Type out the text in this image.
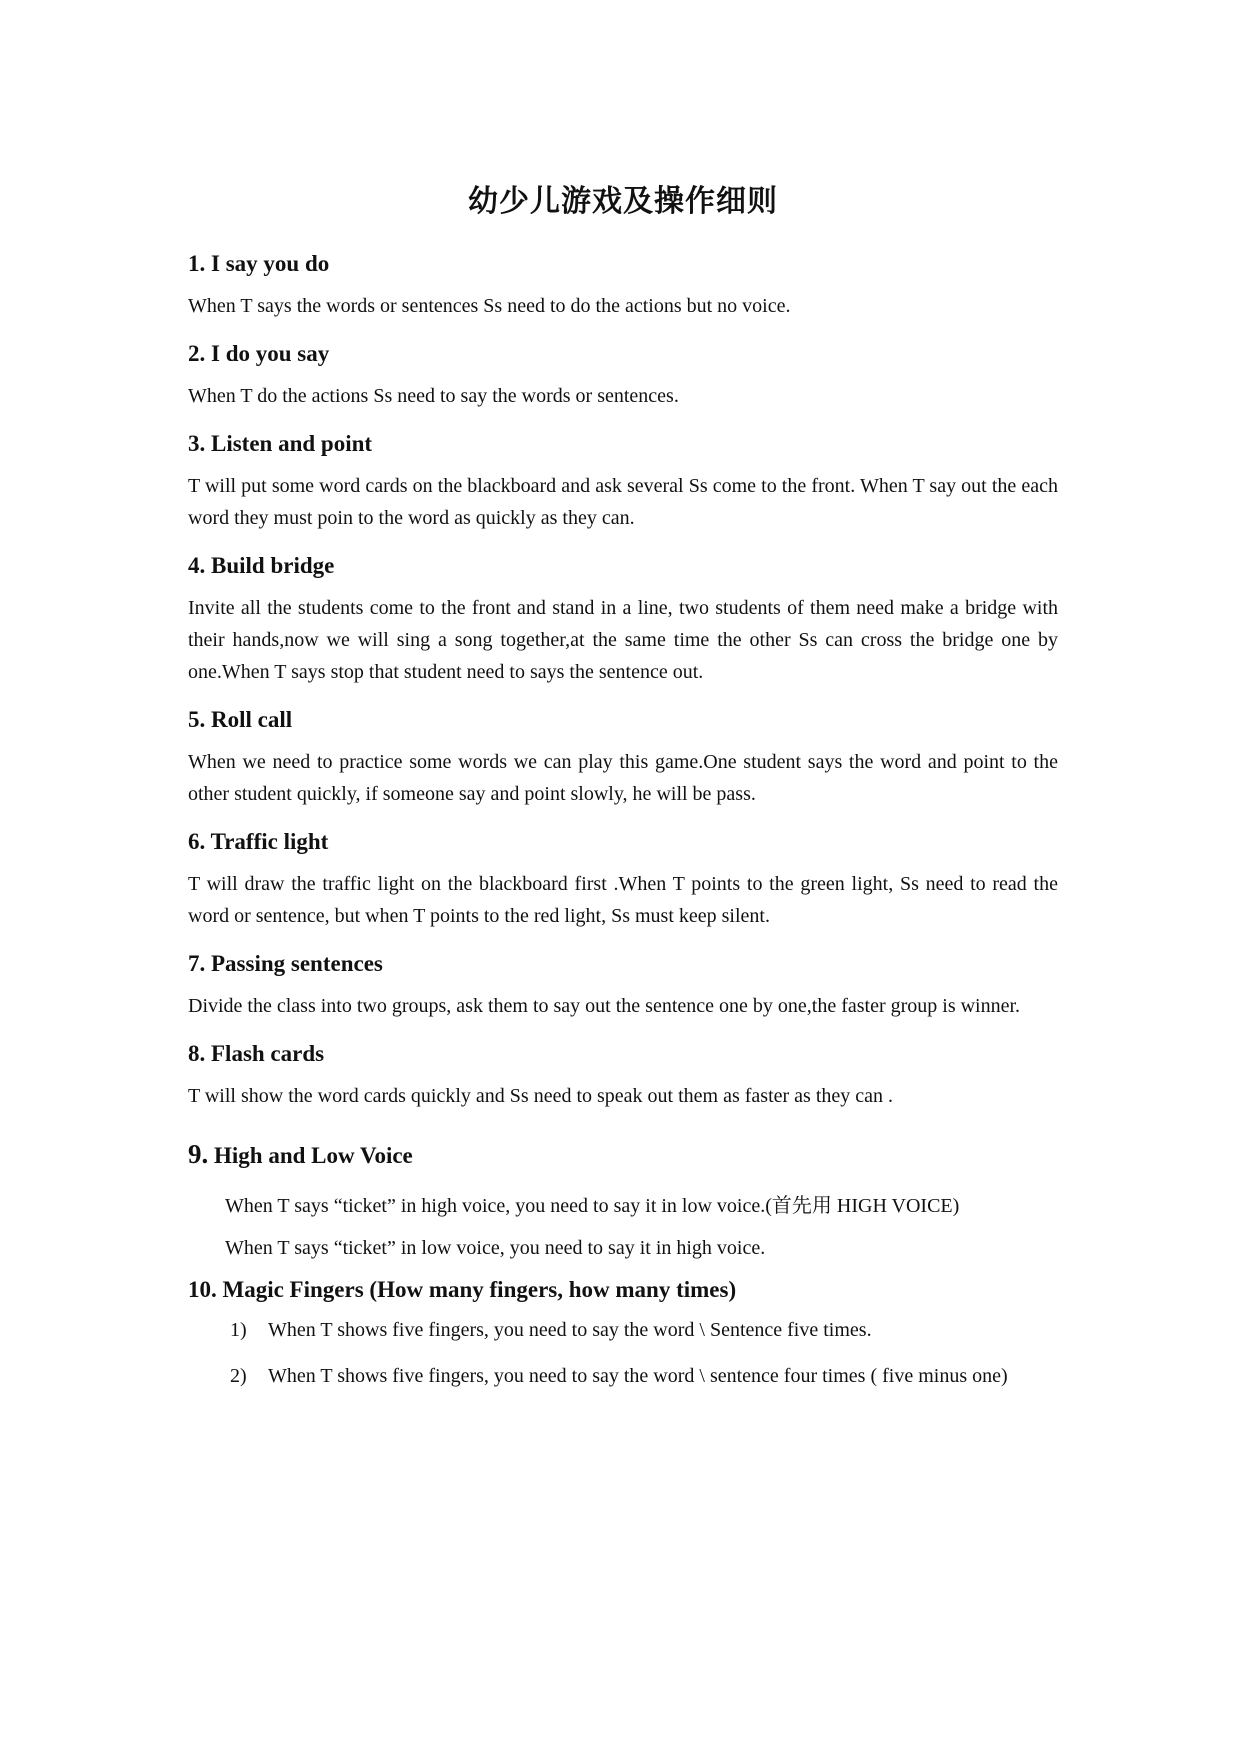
幼少儿游戏及操作细则
1. I say you do

When T says the words or sentences Ss need to do the actions but no voice.

2. I do you say

When T do the actions Ss need to say the words or sentences.

3. Listen and point

T will put some word cards on the blackboard and ask several Ss come to the front. When T say out the each word they must poin to the word as quickly as they can.

4. Build bridge

Invite all the students come to the front and stand in a line, two students of them need make a bridge with their hands,now we will sing a song together,at the same time the other Ss can cross the bridge one by one.When T says stop that student need to says the sentence out.

5. Roll call

When we need to practice some words we can play this game.One student says the word and point to the other student quickly, if someone say and point slowly, he will be pass.

6. Traffic light

T will draw the traffic light on the blackboard first .When T points to the green light, Ss need to read the word or sentence, but when T points to the red light, Ss must keep silent.

7. Passing sentences

Divide the class into two groups, ask them to say out the sentence one by one,the faster group is winner.

8. Flash cards

T will show the word cards quickly and Ss need to speak out them as faster as they can .

9. High and Low Voice

When T says “ticket” in high voice, you need to say it in low voice.(首先用 HIGH VOICE)

When T says “ticket” in low voice, you need to say it in high voice.

10. Magic Fingers (How many fingers, how many times)
1) When T shows five fingers, you need to say the word \ Sentence five times.
2) When T shows five fingers, you need to say the word \ sentence four times ( five minus one)
